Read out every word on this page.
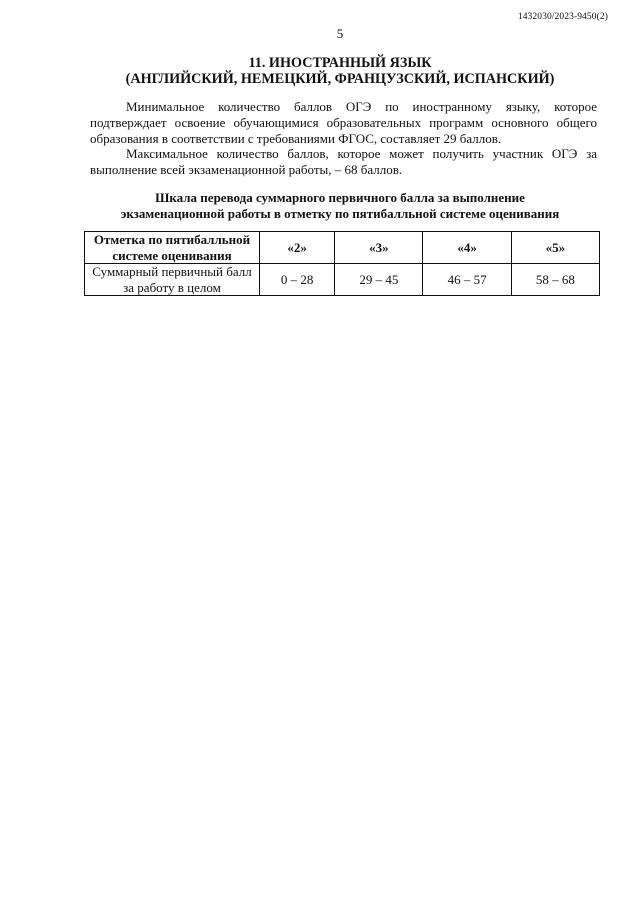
1432030/2023-9450(2)
5
11. ИНОСТРАННЫЙ ЯЗЫК
(АНГЛИЙСКИЙ, НЕМЕЦКИЙ, ФРАНЦУЗСКИЙ, ИСПАНСКИЙ)
Минимальное количество баллов ОГЭ по иностранному языку, которое подтверждает освоение обучающимися образовательных программ основного общего образования в соответствии с требованиями ФГОС, составляет 29 баллов.
Максимальное количество баллов, которое может получить участник ОГЭ за выполнение всей экзаменационной работы, – 68 баллов.
Шкала перевода суммарного первичного балла за выполнение
экзаменационной работы в отметку по пятибалльной системе оценивания
Отметка по пятибалльной
системе оценивания	«2»	«3»	«4»	«5»

Суммарный первичный балл
за работу в целом	0 – 28	29 – 45	46 – 57	58 – 68
